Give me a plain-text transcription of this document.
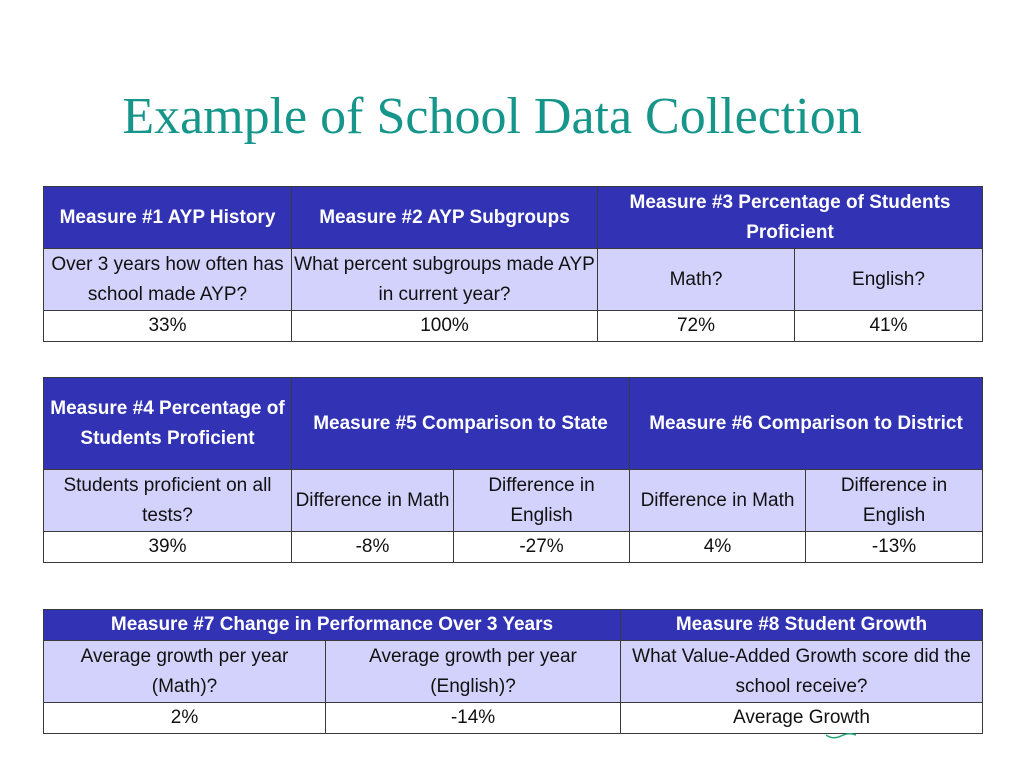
Example of School Data Collection
Measure #1 AYP History	Measure #2 AYP Subgroups	Measure #3 Percentage of Students Proficient	
Over 3 years how often has school made AYP?	What percent subgroups made AYP in current year?	Math?	English?
33%	100%	72%	41%
Measure #4 Percentage of Students Proficient	Measure #5 Comparison to State		Measure #6 Comparison to District	
Students proficient on all tests?	Difference in Math	Difference in English	Difference in Math	Difference in English
39%	-8%	-27%	4%	-13%
Measure #7 Change in Performance Over 3 Years		Measure #8 Student Growth
Average growth per year (Math)?	Average growth per year (English)?	What Value-Added Growth score did the school receive?
2%	-14%	Average Growth
